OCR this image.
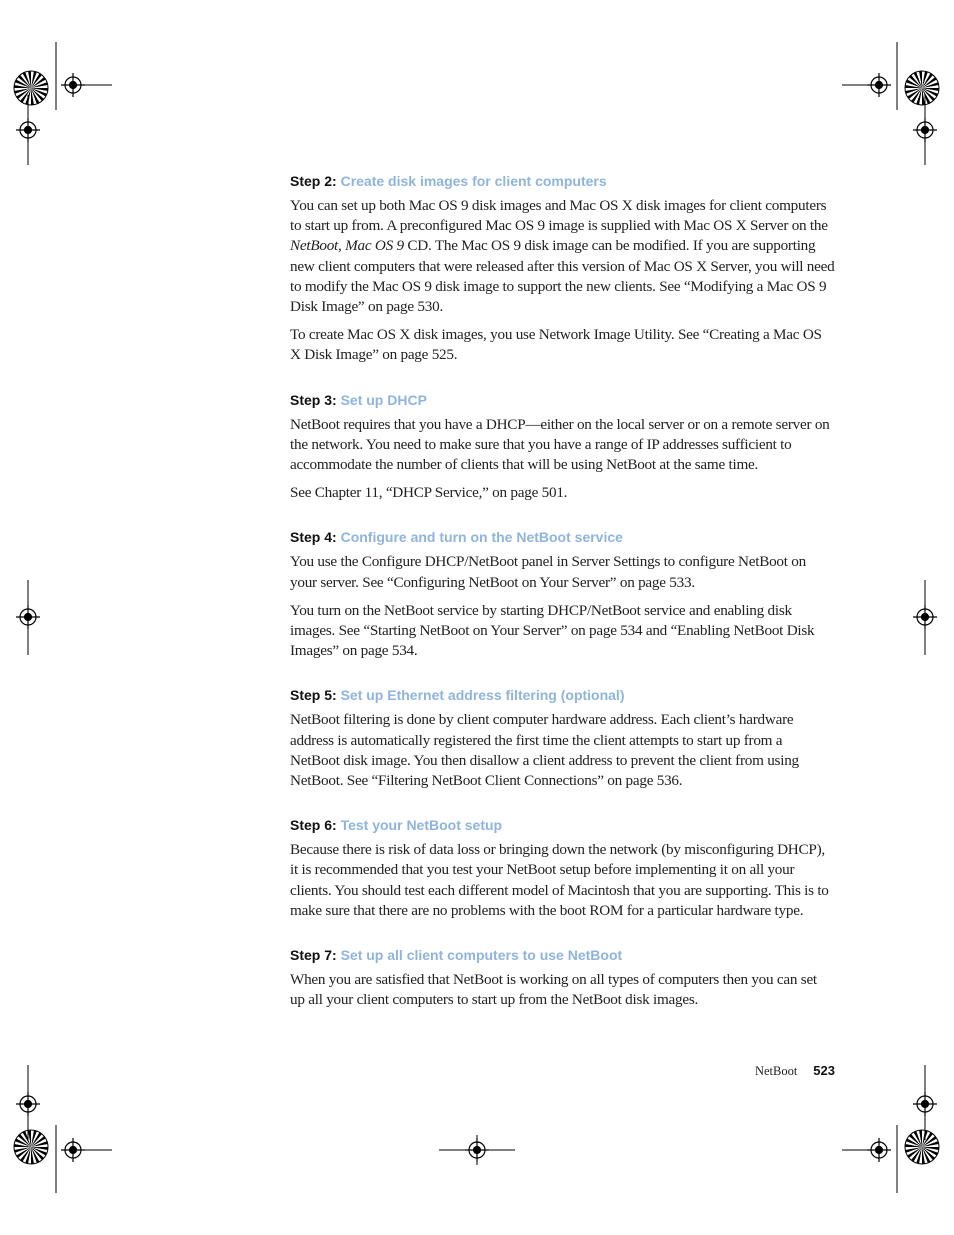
Step 2: Create disk images for client computers

You can set up both Mac OS 9 disk images and Mac OS X disk images for client computers to start up from. A preconfigured Mac OS 9 image is supplied with Mac OS X Server on the NetBoot, Mac OS 9 CD. The Mac OS 9 disk image can be modified. If you are supporting new client computers that were released after this version of Mac OS X Server, you will need to modify the Mac OS 9 disk image to support the new clients. See “Modifying a Mac OS 9 Disk Image” on page 530.

To create Mac OS X disk images, you use Network Image Utility. See “Creating a Mac OS X Disk Image” on page 525.

Step 3: Set up DHCP

NetBoot requires that you have a DHCP—either on the local server or on a remote server on the network. You need to make sure that you have a range of IP addresses sufficient to accommodate the number of clients that will be using NetBoot at the same time.

See Chapter 11, “DHCP Service,” on page 501.

Step 4: Configure and turn on the NetBoot service

You use the Configure DHCP/NetBoot panel in Server Settings to configure NetBoot on your server. See “Configuring NetBoot on Your Server” on page 533.

You turn on the NetBoot service by starting DHCP/NetBoot service and enabling disk images. See “Starting NetBoot on Your Server” on page 534 and “Enabling NetBoot Disk Images” on page 534.

Step 5: Set up Ethernet address filtering (optional)

NetBoot filtering is done by client computer hardware address. Each client’s hardware address is automatically registered the first time the client attempts to start up from a NetBoot disk image. You then disallow a client address to prevent the client from using NetBoot. See “Filtering NetBoot Client Connections” on page 536.

Step 6: Test your NetBoot setup

Because there is risk of data loss or bringing down the network (by misconfiguring DHCP), it is recommended that you test your NetBoot setup before implementing it on all your clients. You should test each different model of Macintosh that you are supporting. This is to make sure that there are no problems with the boot ROM for a particular hardware type.

Step 7: Set up all client computers to use NetBoot

When you are satisfied that NetBoot is working on all types of computers then you can set up all your client computers to start up from the NetBoot disk images.

NetBoot 523
